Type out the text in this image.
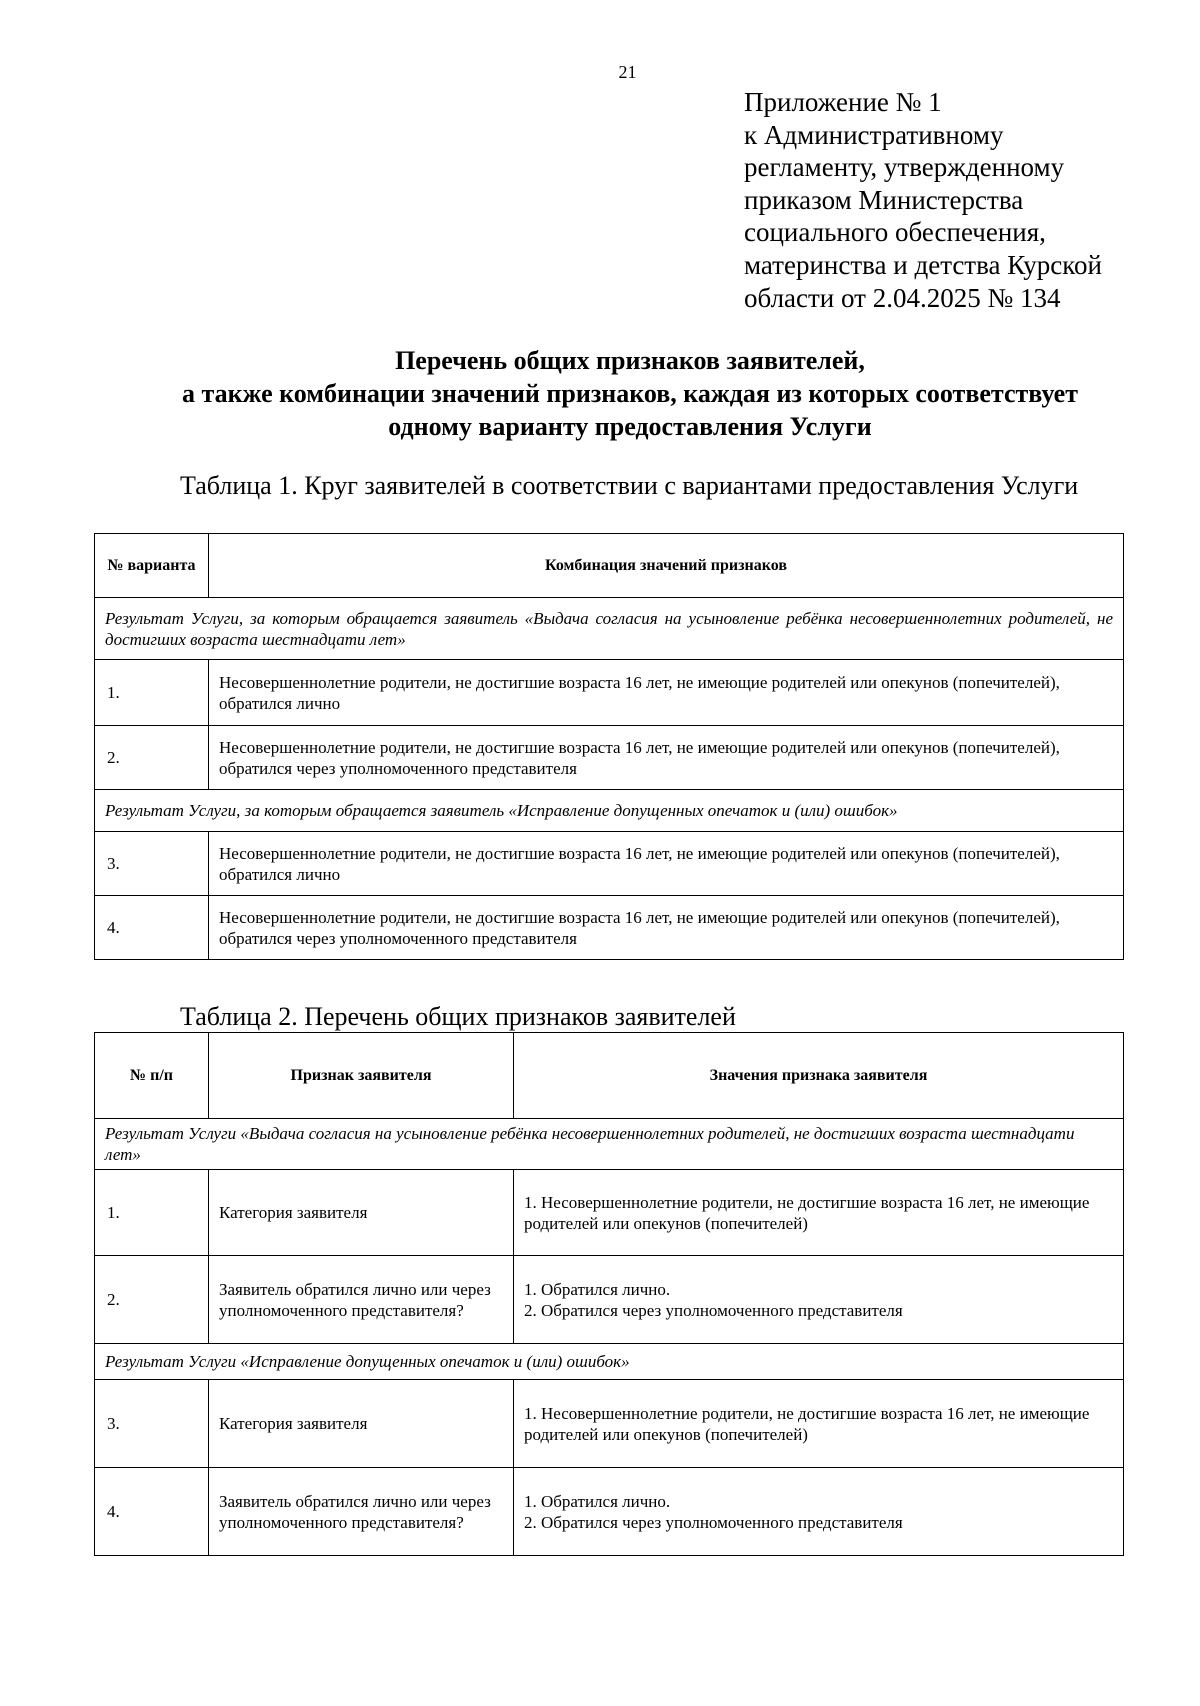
21
Приложение № 1
к Административному
регламенту, утвержденному
приказом Министерства
социального обеспечения,
материнства и детства Курской
области от 2.04.2025 № 134
Перечень общих признаков заявителей,
а также комбинации значений признаков, каждая из которых соответствует
одному варианту предоставления Услуги
Таблица 1. Круг заявителей в соответствии с вариантами предоставления Услуги
№ варианта	Комбинация значений признаков
Результат Услуги, за которым обращается заявитель «Выдача согласия на усыновление ребёнка несовершеннолетних родителей, не достигших возраста шестнадцати лет»	
1.	Несовершеннолетние родители, не достигшие возраста 16 лет, не имеющие родителей или опекунов (попечителей), обратился лично
2.	Несовершеннолетние родители, не достигшие возраста 16 лет, не имеющие родителей или опекунов (попечителей), обратился через уполномоченного представителя
Результат Услуги, за которым обращается заявитель «Исправление допущенных опечаток и (или) ошибок»	
3.	Несовершеннолетние родители, не достигшие возраста 16 лет, не имеющие родителей или опекунов (попечителей), обратился лично
4.	Несовершеннолетние родители, не достигшие возраста 16 лет, не имеющие родителей или опекунов (попечителей), обратился через уполномоченного представителя
Таблица 2. Перечень общих признаков заявителей
№ п/п	Признак заявителя	Значения признака заявителя
Результат Услуги «Выдача согласия на усыновление ребёнка несовершеннолетних родителей, не достигших возраста шестнадцати лет»		
1.	Категория заявителя	1. Несовершеннолетние родители, не достигшие возраста 16 лет, не имеющие родителей или опекунов (попечителей)

2.	Заявитель обратился лично или через уполномоченного представителя?	1. Обратился лично.
2. Обратился через уполномоченного представителя

Результат Услуги «Исправление допущенных опечаток и (или) ошибок»		
3.	Категория заявителя	1. Несовершеннолетние родители, не достигшие возраста 16 лет, не имеющие родителей или опекунов (попечителей)

4.	Заявитель обратился лично или через уполномоченного представителя?	1. Обратился лично.
2. Обратился через уполномоченного представителя
